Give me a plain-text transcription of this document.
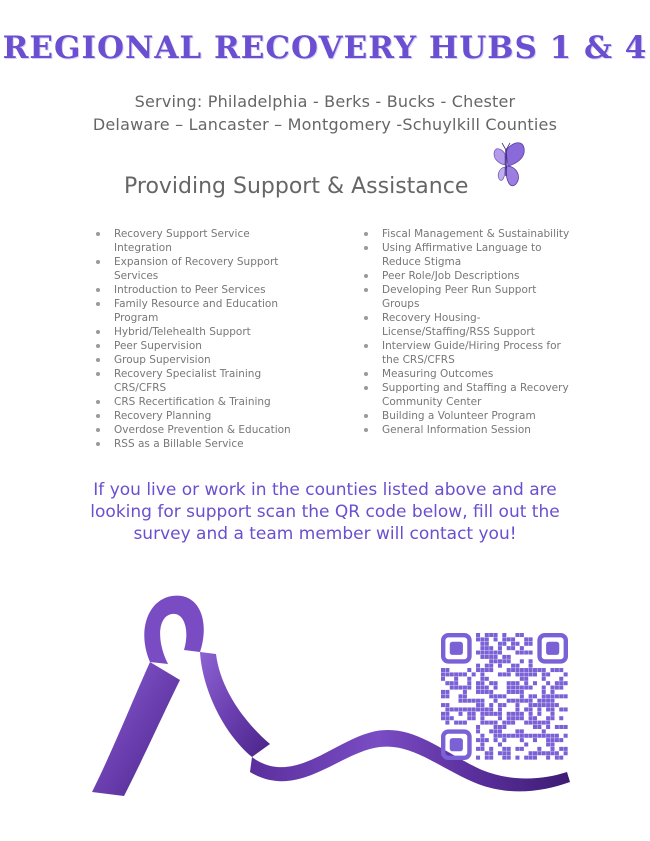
REGIONAL RECOVERY HUBS 1 & 4
Serving: Philadelphia - Berks - Bucks - Chester
Delaware – Lancaster – Montgomery -Schuylkill Counties
Providing Support & Assistance
Recovery Support Service Integration
Expansion of Recovery Support Services
Introduction to Peer Services
Family Resource and Education Program
Hybrid/Telehealth Support
Peer Supervision
Group Supervision
Recovery Specialist Training CRS/CFRS
CRS Recertification & Training
Recovery Planning
Overdose Prevention & Education
RSS as a Billable Service
Fiscal Management & Sustainability
Using Affirmative Language to Reduce Stigma
Peer Role/Job Descriptions
Developing Peer Run Support Groups
Recovery Housing-License/Staffing/RSS Support
Interview Guide/Hiring Process for the CRS/CFRS
Measuring Outcomes
Supporting and Staffing a Recovery Community Center
Building a Volunteer Program
General Information Session

If you live or work in the counties listed above and are looking for support scan the QR code below, fill out the survey and a team member will contact you!
